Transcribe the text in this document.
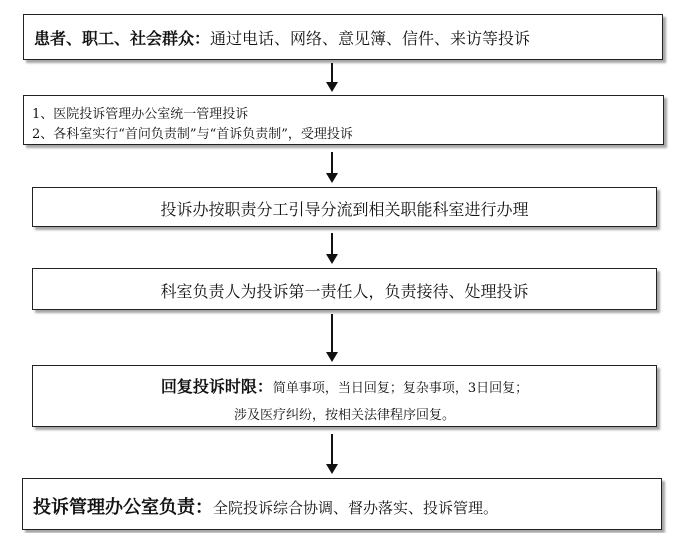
患者、职工、社会群众：通过电话、网络、意见簿、信件、来访等投诉
1、医院投诉管理办公室统一管理投诉
2、各科室实行“首问负责制”与“首诉负责制”，受理投诉
投诉办按职责分工引导分流到相关职能科室进行办理
科室负责人为投诉第一责任人，负责接待、处理投诉
回复投诉时限：简单事项，当日回复；复杂事项，3日回复；
涉及医疗纠纷，按相关法律程序回复。
投诉管理办公室负责：全院投诉综合协调、督办落实、投诉管理。
